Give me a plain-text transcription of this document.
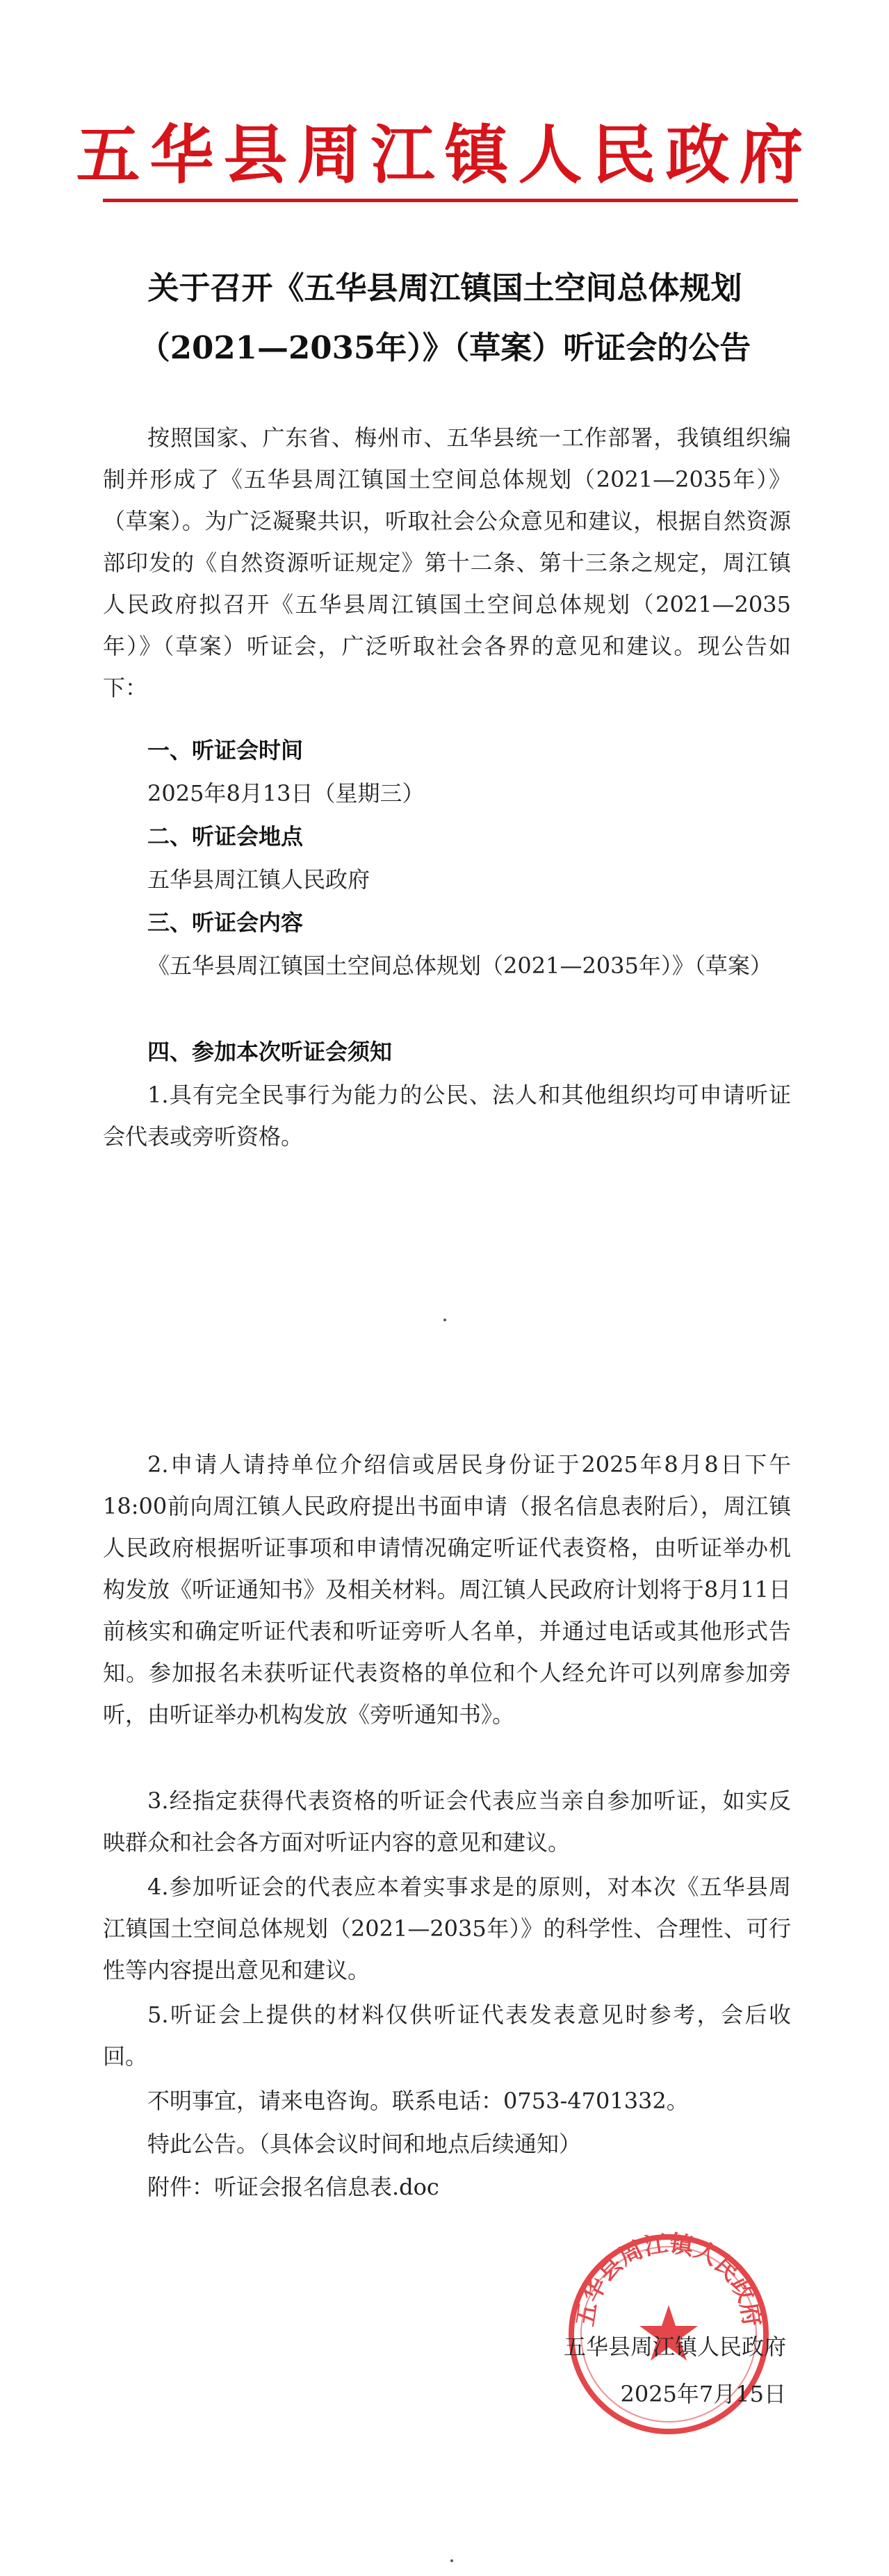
五华县周江镇人民政府
关于召开《五华县周江镇国土空间总体规划
（2021—2035年）》（草案）听证会的公告
按照国家、广东省、梅州市、五华县统一工作部署，我镇组织编制并形成了《五华县周江镇国土空间总体规划（2021—2035年）》（草案）。为广泛凝聚共识，听取社会公众意见和建议，根据自然资源部印发的《自然资源听证规定》第十二条、第十三条之规定，周江镇人民政府拟召开《五华县周江镇国土空间总体规划（2021—2035年）》（草案）听证会，广泛听取社会各界的意见和建议。现公告如下：
一、听证会时间
2025年8月13日（星期三）
二、听证会地点
五华县周江镇人民政府
三、听证会内容
《五华县周江镇国土空间总体规划（2021—2035年）》（草案）
四、参加本次听证会须知
1.具有完全民事行为能力的公民、法人和其他组织均可申请听证会代表或旁听资格。
2.申请人请持单位介绍信或居民身份证于2025年8月8日下午18:00前向周江镇人民政府提出书面申请（报名信息表附后），周江镇人民政府根据听证事项和申请情况确定听证代表资格，由听证举办机构发放《听证通知书》及相关材料。周江镇人民政府计划将于8月11日前核实和确定听证代表和听证旁听人名单，并通过电话或其他形式告知。参加报名未获听证代表资格的单位和个人经允许可以列席参加旁听，由听证举办机构发放《旁听通知书》。
3.经指定获得代表资格的听证会代表应当亲自参加听证，如实反映群众和社会各方面对听证内容的意见和建议。
4.参加听证会的代表应本着实事求是的原则，对本次《五华县周江镇国土空间总体规划（2021—2035年）》的科学性、合理性、可行性等内容提出意见和建议。
5.听证会上提供的材料仅供听证代表发表意见时参考，会后收回。
不明事宜，请来电咨询。联系电话：0753-4701332。
特此公告。（具体会议时间和地点后续通知）
附件：听证会报名信息表.doc
五华县周江镇人民政府
五华县周江镇人民政府
2025年7月15日
